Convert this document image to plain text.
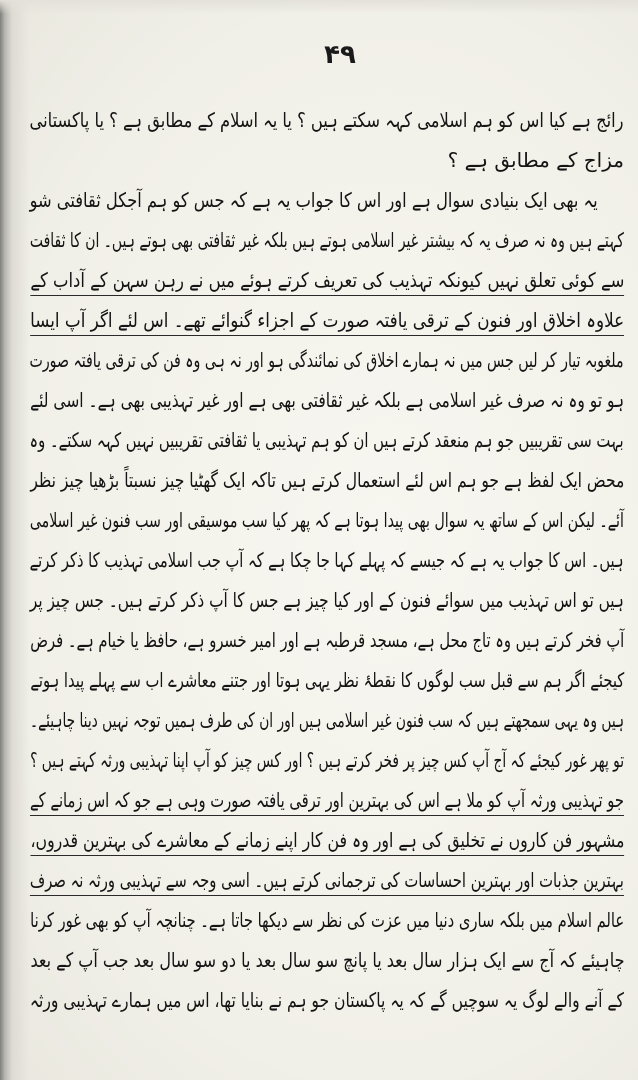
۴۹
رائج ہے کیا اس کو ہم اسلامی کہہ سکتے ہیں ؟ یا یہ اسلام کے مطابق ہے ؟ یا پاکستانی
مزاج کے مطابق ہے ؟
یہ بھی ایک بنیادی سوال ہے اور اس کا جواب یہ ہے کہ جس کو ہم آجکل ثقافتی شو
کہتے ہیں وہ نہ صرف یہ کہ بیشتر غیر اسلامی ہوتے ہیں بلکہ غیر ثقافتی بھی ہوتے ہیں۔ ان کا ثقافت
سے کوئی تعلق نہیں کیونکہ تہذیب کی تعریف کرتے ہوئے میں نے رہن سہن کے آداب کے
علاوہ اخلاق اور فنون کے ترقی یافتہ صورت کے اجزاء گنوائے تھے۔ اس لئے اگر آپ ایسا
ملغوبہ تیار کر لیں جس میں نہ ہمارے اخلاق کی نمائندگی ہو اور نہ ہی وہ فن کی ترقی یافتہ صورت
ہو تو وہ نہ صرف غیر اسلامی ہے بلکہ غیر ثقافتی بھی ہے اور غیر تہذیبی بھی ہے۔ اسی لئے
بہت سی تقریبیں جو ہم منعقد کرتے ہیں ان کو ہم تہذیبی یا ثقافتی تقریبیں نہیں کہہ سکتے۔ وہ
محض ایک لفظ ہے جو ہم اس لئے استعمال کرتے ہیں تاکہ ایک گھٹیا چیز نسبتاً بڑھیا چیز نظر
آئے۔ لیکن اس کے ساتھ یہ سوال بھی پیدا ہوتا ہے کہ پھر کیا سب موسیقی اور سب فنون غیر اسلامی
ہیں۔ اس کا جواب یہ ہے کہ جیسے کہ پہلے کہا جا چکا ہے کہ آپ جب اسلامی تہذیب کا ذکر کرتے
ہیں تو اس تہذیب میں سوائے فنون کے اور کیا چیز ہے جس کا آپ ذکر کرتے ہیں۔ جس چیز پر
آپ فخر کرتے ہیں وہ تاج محل ہے، مسجد قرطبہ ہے اور امیر خسرو ہے، حافظ یا خیام ہے۔ فرض
کیجئے اگر ہم سے قبل سب لوگوں کا نقطۂ نظر یہی ہوتا اور جتنے معاشرے اب سے پہلے پیدا ہوتے
ہیں وہ یہی سمجھتے ہیں کہ سب فنون غیر اسلامی ہیں اور ان کی طرف ہمیں توجہ نہیں دینا چاہیئے۔
تو پھر غور کیجئے کہ آج آپ کس چیز پر فخر کرتے ہیں ؟ اور کس چیز کو آپ اپنا تہذیبی ورثہ کہتے ہیں ؟
جو تہذیبی ورثہ آپ کو ملا ہے اس کی بہترین اور ترقی یافتہ صورت وہی ہے جو کہ اس زمانے کے
مشہور فن کاروں نے تخلیق کی ہے اور وہ فن کار اپنے زمانے کے معاشرے کی بہترین قدروں،
بہترین جذبات اور بہترین احساسات کی ترجمانی کرتے ہیں۔ اسی وجہ سے تہذیبی ورثہ نہ صرف
عالم اسلام میں بلکہ ساری دنیا میں عزت کی نظر سے دیکھا جاتا ہے۔ چنانچہ آپ کو بھی غور کرنا
چاہیئے کہ آج سے ایک ہزار سال بعد یا پانچ سو سال بعد یا دو سو سال بعد جب آپ کے بعد
کے آنے والے لوگ یہ سوچیں گے کہ یہ پاکستان جو ہم نے بنایا تھا، اس میں ہمارے تہذیبی ورثہ
